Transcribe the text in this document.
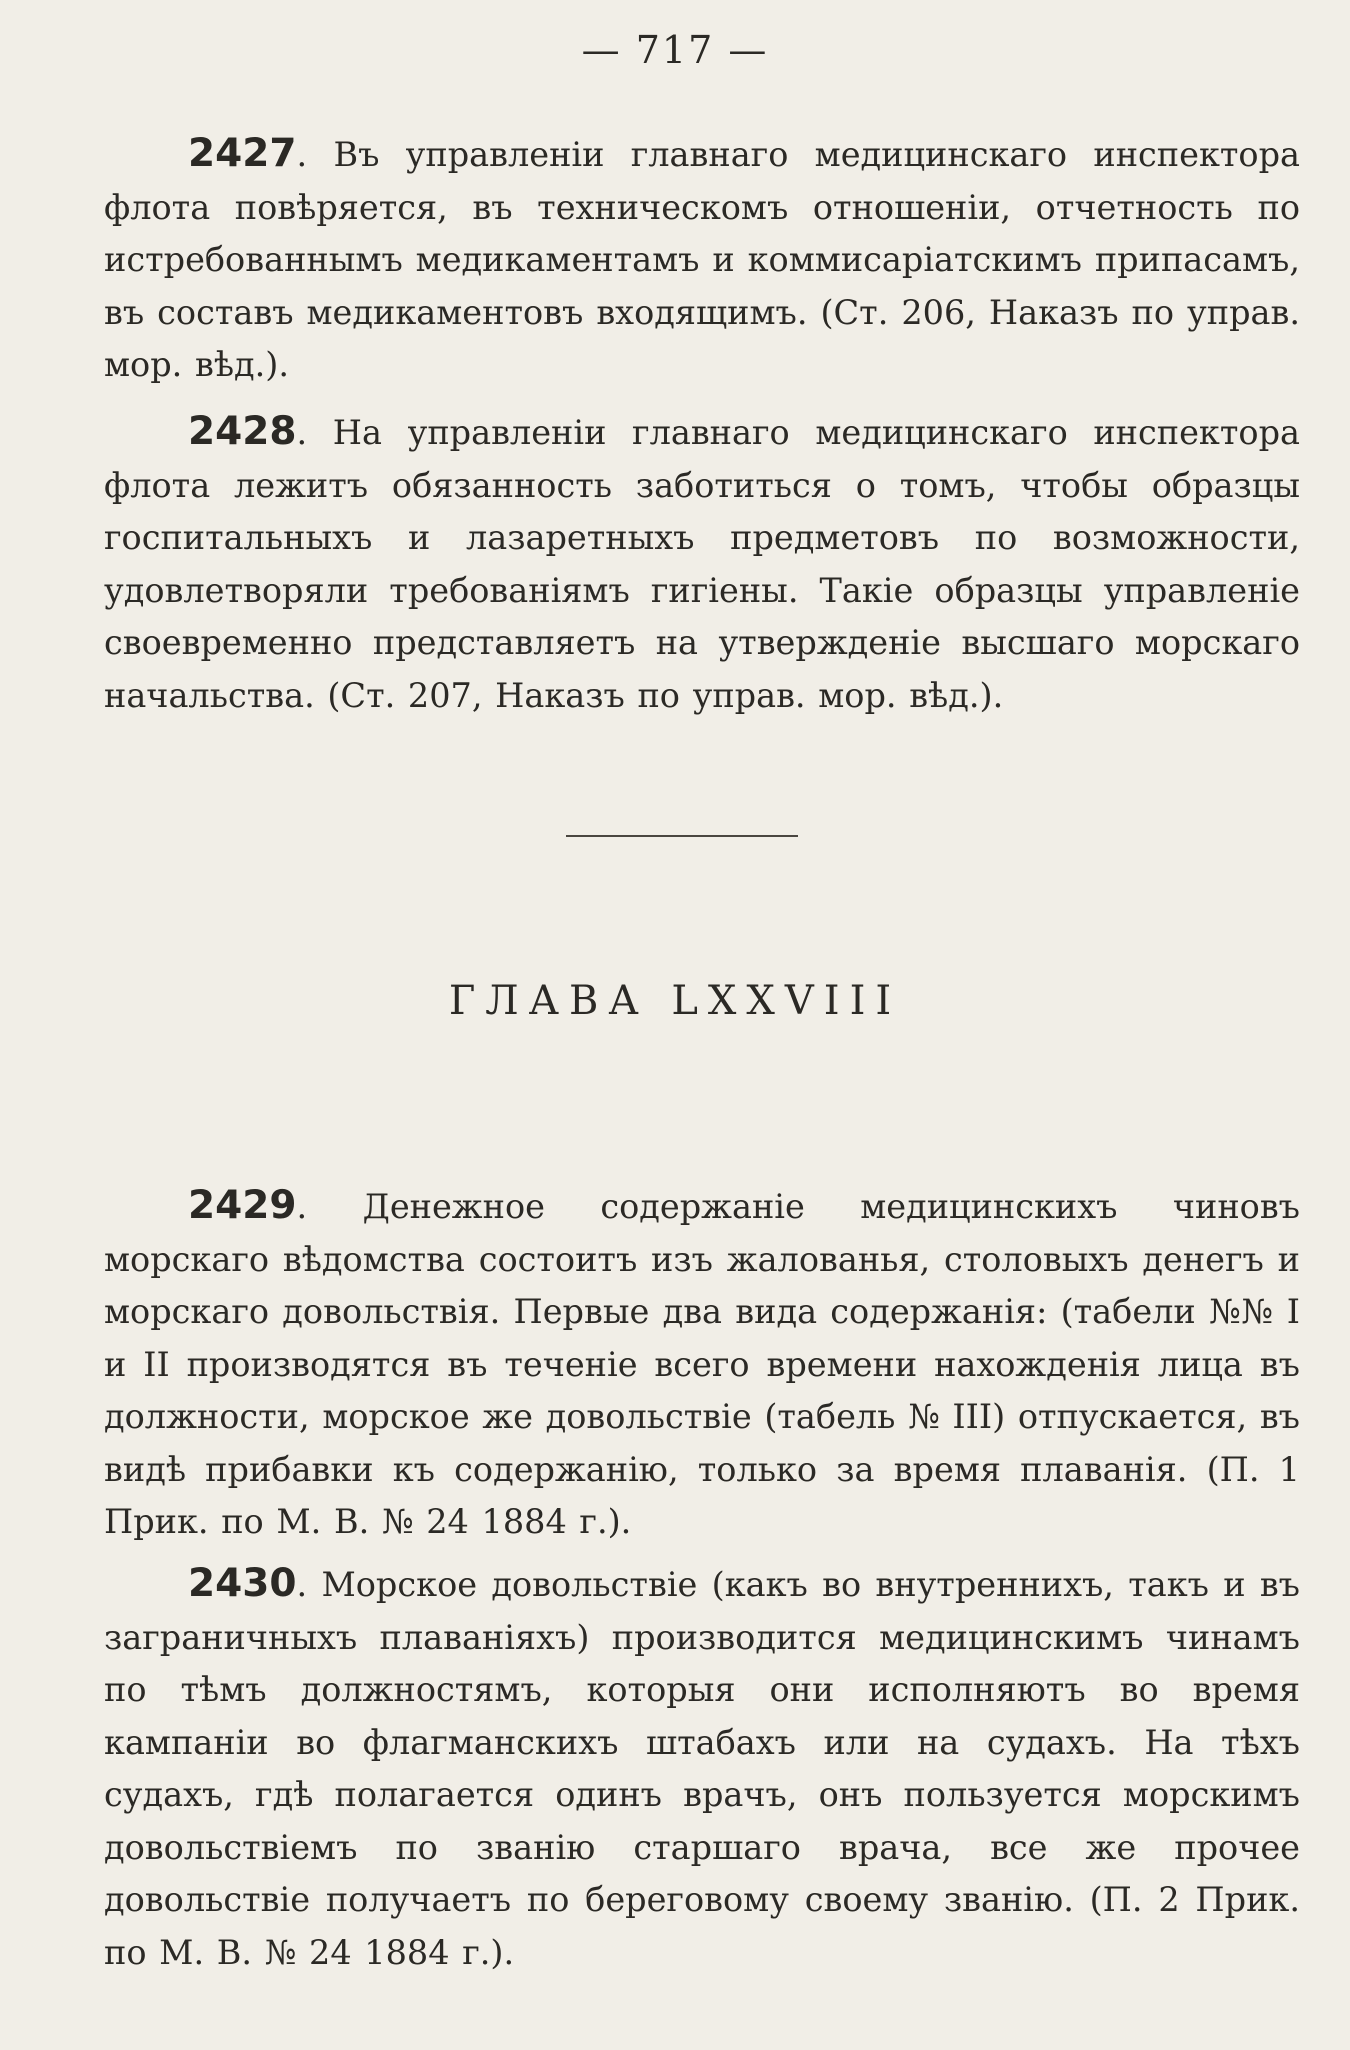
— 717 —

2427. Въ управленіи главнаго медицинскаго инспектора флота повѣряется, въ техническомъ отношеніи, отчетность по истребованнымъ медикаментамъ и коммисаріатскимъ припасамъ, въ составъ медикаментовъ входящимъ. (Ст. 206, Наказъ по управ. мор. вѣд.).

2428. На управленіи главнаго медицинскаго инспектора флота лежитъ обязанность заботиться о томъ, чтобы образцы госпитальныхъ и лазаретныхъ предметовъ по возможности, удовлетворяли требованіямъ гигіены. Такіе образцы управленіе своевременно представляетъ на утвержденіе высшаго морскаго начальства. (Ст. 207, Наказъ по управ. мор. вѣд.).

ГЛАВА LXXVIII

2429. Денежное содержаніе медицинскихъ чиновъ морскаго вѣдомства состоитъ изъ жалованья, столовыхъ денегъ и морскаго довольствія. Первые два вида содержанія: (табели №№ I и II производятся въ теченіе всего времени нахожденія лица въ должности, морское же довольствіе (табель № III) отпускается, въ видѣ прибавки къ содержанію, только за время плаванія. (П. 1 Прик. по М. В. № 24 1884 г.).

2430. Морское довольствіе (какъ во внутреннихъ, такъ и въ заграничныхъ плаваніяхъ) производится медицинскимъ чинамъ по тѣмъ должностямъ, которыя они исполняютъ во время кампаніи во флагманскихъ штабахъ или на судахъ. На тѣхъ судахъ, гдѣ полагается одинъ врачъ, онъ пользуется морскимъ довольствіемъ по званію старшаго врача, все же прочее довольствіе получаетъ по береговому своему званію. (П. 2 Прик. по М. В. № 24 1884 г.).
